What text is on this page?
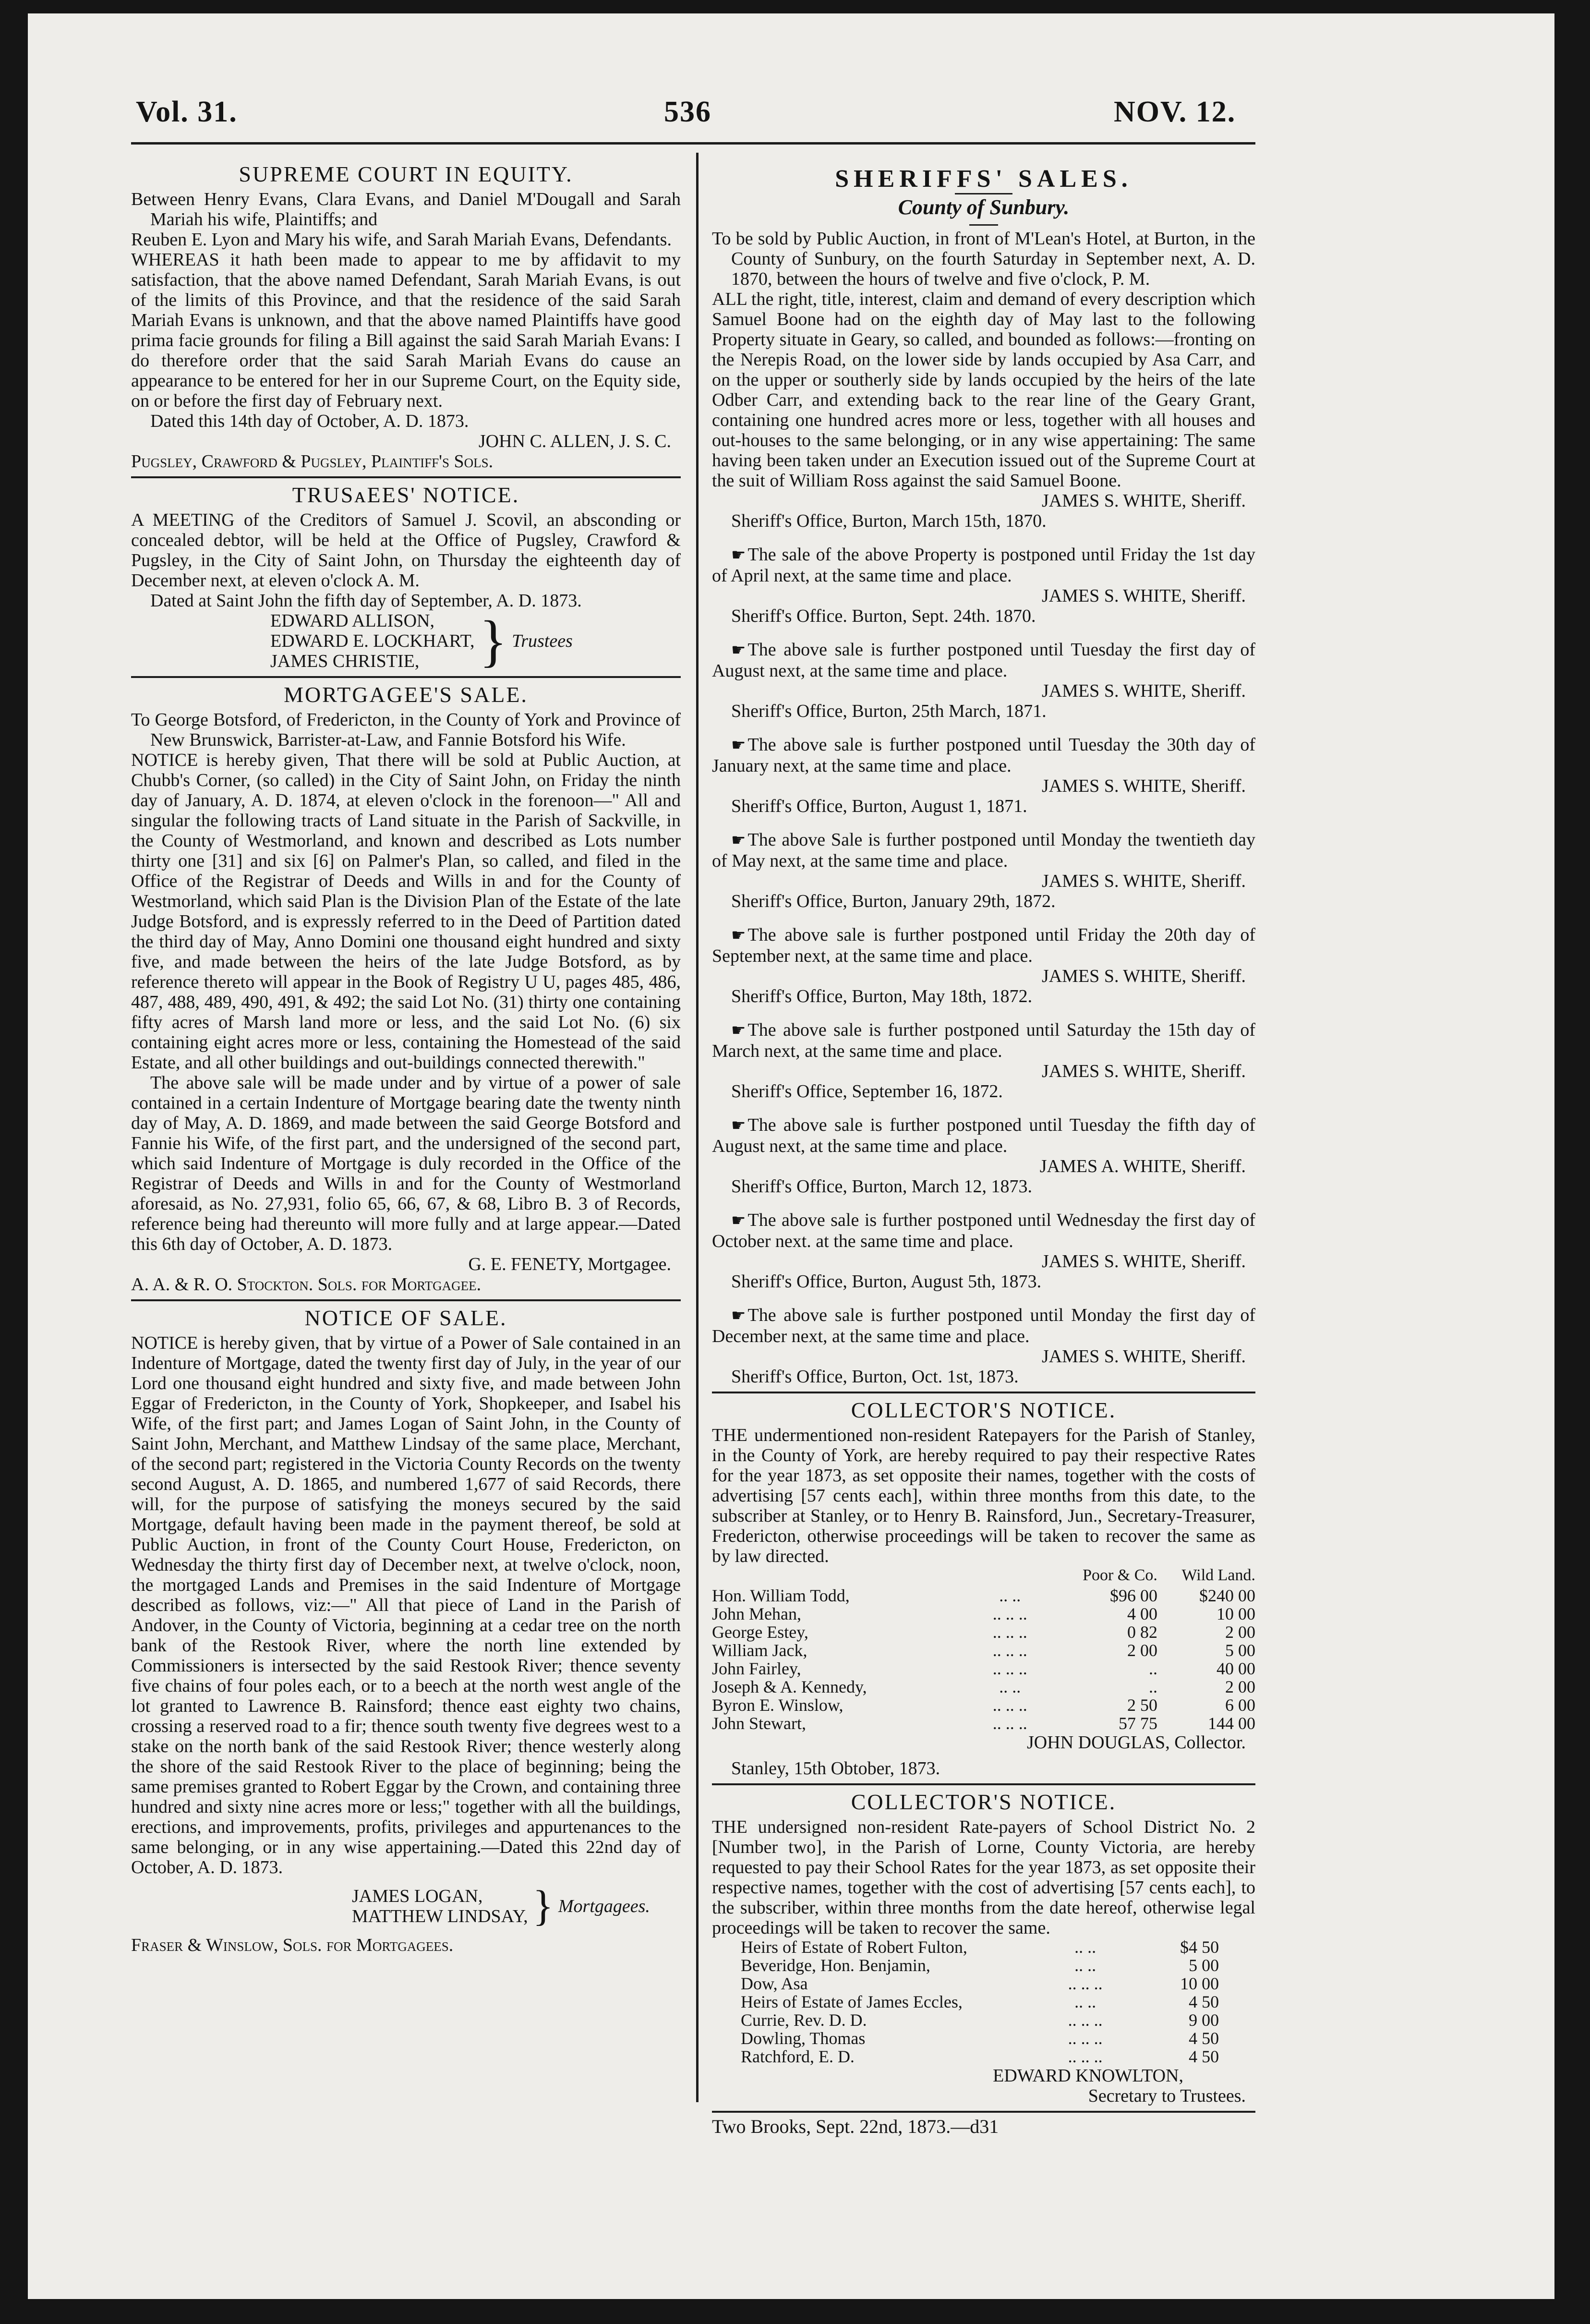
Vol. 31.	536	NOV. 12.
SUPREME COURT IN EQUITY.

Between Henry Evans, Clara Evans, and Daniel M'Dougall and Sarah Mariah his wife, Plaintiffs; and

Reuben E. Lyon and Mary his wife, and Sarah Mariah Evans, Defendants.

WHEREAS it hath been made to appear to me by affidavit to my satisfaction, that the above named Defendant, Sarah Mariah Evans, is out of the limits of this Province, and that the residence of the said Sarah Mariah Evans is unknown, and that the above named Plaintiffs have good prima facie grounds for filing a Bill against the said Sarah Mariah Evans: I do therefore order that the said Sarah Mariah Evans do cause an appearance to be entered for her in our Supreme Court, on the Equity side, on or before the first day of February next.

Dated this 14th day of October, A. D. 1873.

JOHN C. ALLEN, J. S. C.

Pugsley, Crawford & Pugsley, Plaintiff's Sols.

TRUSᴀEES' NOTICE.

A MEETING of the Creditors of Samuel J. Scovil, an absconding or concealed debtor, will be held at the Office of Pugsley, Crawford & Pugsley, in the City of Saint John, on Thursday the eighteenth day of December next, at eleven o'clock A. M.

Dated at Saint John the fifth day of September, A. D. 1873.

EDWARD ALLISON,
EDWARD E. LOCKHART,
JAMES CHRISTIE,	} Trustees
MORTGAGEE'S SALE.

To George Botsford, of Fredericton, in the County of York and Province of New Brunswick, Barrister-at-Law, and Fannie Botsford his Wife.

NOTICE is hereby given, That there will be sold at Public Auction, at Chubb's Corner, (so called) in the City of Saint John, on Friday the ninth day of January, A. D. 1874, at eleven o'clock in the forenoon—" All and singular the following tracts of Land situate in the Parish of Sackville, in the County of Westmorland, and known and described as Lots number thirty one [31] and six [6] on Palmer's Plan, so called, and filed in the Office of the Registrar of Deeds and Wills in and for the County of Westmorland, which said Plan is the Division Plan of the Estate of the late Judge Botsford, and is expressly referred to in the Deed of Partition dated the third day of May, Anno Domini one thousand eight hundred and sixty five, and made between the heirs of the late Judge Botsford, as by reference thereto will appear in the Book of Registry U U, pages 485, 486, 487, 488, 489, 490, 491, & 492; the said Lot No. (31) thirty one containing fifty acres of Marsh land more or less, and the said Lot No. (6) six containing eight acres more or less, containing the Homestead of the said Estate, and all other buildings and out-buildings connected therewith."

The above sale will be made under and by virtue of a power of sale contained in a certain Indenture of Mortgage bearing date the twenty ninth day of May, A. D. 1869, and made between the said George Botsford and Fannie his Wife, of the first part, and the undersigned of the second part, which said Indenture of Mortgage is duly recorded in the Office of the Registrar of Deeds and Wills in and for the County of Westmorland aforesaid, as No. 27,931, folio 65, 66, 67, & 68, Libro B. 3 of Records, reference being had thereunto will more fully and at large appear.—Dated this 6th day of October, A. D. 1873.

G. E. FENETY, Mortgagee.

A. A. & R. O. Stockton. Sols. for Mortgagee.

NOTICE OF SALE.

NOTICE is hereby given, that by virtue of a Power of Sale contained in an Indenture of Mortgage, dated the twenty first day of July, in the year of our Lord one thousand eight hundred and sixty five, and made between John Eggar of Fredericton, in the County of York, Shopkeeper, and Isabel his Wife, of the first part; and James Logan of Saint John, in the County of Saint John, Merchant, and Matthew Lindsay of the same place, Merchant, of the second part; registered in the Victoria County Records on the twenty second August, A. D. 1865, and numbered 1,677 of said Records, there will, for the purpose of satisfying the moneys secured by the said Mortgage, default having been made in the payment thereof, be sold at Public Auction, in front of the County Court House, Fredericton, on Wednesday the thirty first day of December next, at twelve o'clock, noon, the mortgaged Lands and Premises in the said Indenture of Mortgage described as follows, viz:—" All that piece of Land in the Parish of Andover, in the County of Victoria, beginning at a cedar tree on the north bank of the Restook River, where the north line extended by Commissioners is intersected by the said Restook River; thence seventy five chains of four poles each, or to a beech at the north west angle of the lot granted to Lawrence B. Rainsford; thence east eighty two chains, crossing a reserved road to a fir; thence south twenty five degrees west to a stake on the north bank of the said Restook River; thence westerly along the shore of the said Restook River to the place of beginning; being the same premises granted to Robert Eggar by the Crown, and containing three hundred and sixty nine acres more or less;" together with all the buildings, erections, and improvements, profits, privileges and appurtenances to the same belonging, or in any wise appertaining.—Dated this 22nd day of October, A. D. 1873.

JAMES LOGAN,
MATTHEW LINDSAY, } Mortgagees.

Fraser & Winslow, Sols. for Mortgagees.

SHERIFFS' SALES.
County of Sunbury.

To be sold by Public Auction, in front of M'Lean's Hotel, at Burton, in the County of Sunbury, on the fourth Saturday in September next, A. D. 1870, between the hours of twelve and five o'clock, P. M.

ALL the right, title, interest, claim and demand of every description which Samuel Boone had on the eighth day of May last to the following Property situate in Geary, so called, and bounded as follows:—fronting on the Nerepis Road, on the lower side by lands occupied by Asa Carr, and on the upper or southerly side by lands occupied by the heirs of the late Odber Carr, and extending back to the rear line of the Geary Grant, containing one hundred acres more or less, together with all houses and out-houses to the same belonging, or in any wise appertaining: The same having been taken under an Execution issued out of the Supreme Court at the suit of William Ross against the said Samuel Boone.

JAMES S. WHITE, Sheriff.

Sheriff's Office, Burton, March 15th, 1870.

☛ The sale of the above Property is postponed until Friday the 1st day of April next, at the same time and place.

JAMES S. WHITE, Sheriff.

Sheriff's Office. Burton, Sept. 24th. 1870.

☛ The above sale is further postponed until Tuesday the first day of August next, at the same time and place.

JAMES S. WHITE, Sheriff.

Sheriff's Office, Burton, 25th March, 1871.

☛ The above sale is further postponed until Tuesday the 30th day of January next, at the same time and place.

JAMES S. WHITE, Sheriff.

Sheriff's Office, Burton, August 1, 1871.

☛ The above Sale is further postponed until Monday the twentieth day of May next, at the same time and place.

JAMES S. WHITE, Sheriff.

Sheriff's Office, Burton, January 29th, 1872.

☛ The above sale is further postponed until Friday the 20th day of September next, at the same time and place.

JAMES S. WHITE, Sheriff.

Sheriff's Office, Burton, May 18th, 1872.

☛ The above sale is further postponed until Saturday the 15th day of March next, at the same time and place.

JAMES S. WHITE, Sheriff.

Sheriff's Office, September 16, 1872.

☛ The above sale is further postponed until Tuesday the fifth day of August next, at the same time and place.

JAMES A. WHITE, Sheriff.

Sheriff's Office, Burton, March 12, 1873.

☛ The above sale is further postponed until Wednesday the first day of October next. at the same time and place.

JAMES S. WHITE, Sheriff.

Sheriff's Office, Burton, August 5th, 1873.

☛ The above sale is further postponed until Monday the first day of December next, at the same time and place.

JAMES S. WHITE, Sheriff.

Sheriff's Office, Burton, Oct. 1st, 1873.

COLLECTOR'S NOTICE.

THE undermentioned non-resident Ratepayers for the Parish of Stanley, in the County of York, are hereby required to pay their respective Rates for the year 1873, as set opposite their names, together with the costs of advertising [57 cents each], within three months from this date, to the subscriber at Stanley, or to Henry B. Rainsford, Jun., Secretary-Treasurer, Fredericton, otherwise proceedings will be taken to recover the same as by law directed.

		Poor & Co.	Wild Land.
Hon. William Todd,	.. ..	$96 00	$240 00
John Mehan,	.. .. ..	4 00	10 00
George Estey,	.. .. ..	0 82	2 00
William Jack,	.. .. ..	2 00	5 00
John Fairley,	.. .. ..	..	40 00
Joseph & A. Kennedy,	.. ..	..	2 00
Byron E. Winslow,	.. .. ..	2 50	6 00
John Stewart,	.. .. ..	57 75	144 00

JOHN DOUGLAS, Collector.

Stanley, 15th Obtober, 1873.

COLLECTOR'S NOTICE.

THE undersigned non-resident Rate-payers of School District No. 2 [Number two], in the Parish of Lorne, County Victoria, are hereby requested to pay their School Rates for the year 1873, as set opposite their respective names, together with the cost of advertising [57 cents each], to the subscriber, within three months from the date hereof, otherwise legal proceedings will be taken to recover the same.

Heirs of Estate of Robert Fulton,	.. ..	$4 50
Beveridge, Hon. Benjamin,	.. ..	5 00
Dow, Asa	.. .. ..	10 00
Heirs of Estate of James Eccles,	.. ..	4 50
Currie, Rev. D. D.	.. .. ..	9 00
Dowling, Thomas	.. .. ..	4 50
Ratchford, E. D.	.. .. ..	4 50

EDWARD KNOWLTON,

Secretary to Trustees.

Two Brooks, Sept. 22nd, 1873.—d31
